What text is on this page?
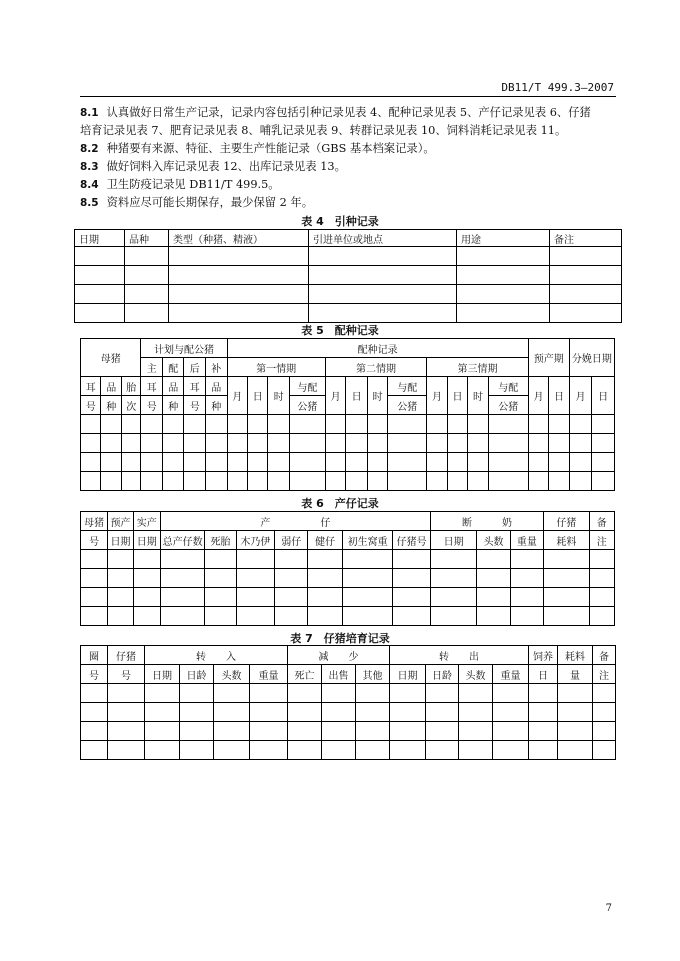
DB11/T 499.3—2007
8.1 认真做好日常生产记录，记录内容包括引种记录见表 4、配种记录见表 5、产仔记录见表 6、仔猪
培育记录见表 7、肥育记录见表 8、哺乳记录见表 9、转群记录见表 10、饲料消耗记录见表 11。
8.2 种猪要有来源、特征、主要生产性能记录（GBS 基本档案记录）。
8.3 做好饲料入库记录见表 12、出库记录见表 13。
8.4 卫生防疫记录见 DB11/T 499.5。
8.5 资料应尽可能长期保存，最少保留 2 年。
表 4　引种记录
日期	品种	类型（种猪、精液）	引进单位或地点	用途	备注

表 5　配种记录
母猪			计划与配公猪				配种记录												预产期		分娩日期	
			主	配	后	补	第一情期				第二情期				第三情期							
耳	品	胎	耳	品	耳	品	月	日	时	与配	月	日	时	与配	月	日	时	与配	月	日	月	日
号	种	次	号	种	号	种				公猪				公猪				公猪				

表 6　产仔记录
母猪	预产	实产	产　　　　　仔							断　　　奶			仔猪	备
号	日期	日期	总产仔数	死胎	木乃伊	弱仔	健仔	初生窝重	仔猪号	日期	头数	重量	耗料	注

表 7　仔猪培育记录
圈	仔猪	转　　入				减　　少			转　　出				饲养	耗料	备
号	号	日期	日龄	头数	重量	死亡	出售	其他	日期	日龄	头数	重量	日	量	注

7
